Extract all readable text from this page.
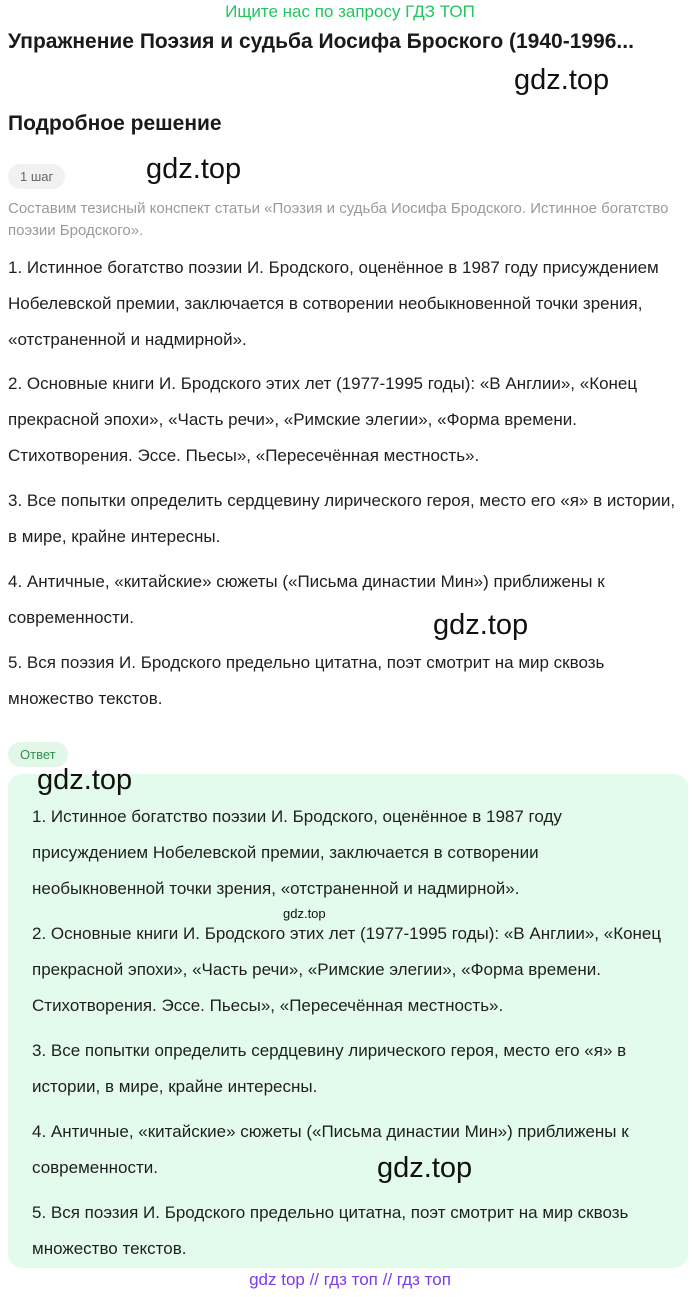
Ищите нас по запросу ГДЗ ТОП
Упражнение Поэзия и судьба Иосифа Броского (1940-1996...
gdz.top
Подробное решение
1 шаг	gdz.top
Составим тезисный конспект статьи «Поэзия и судьба Иосифа Бродского. Истинное богатство поэзии Бродского».
1. Истинное богатство поэзии И. Бродского, оценённое в 1987 году присуждением Нобелевской премии, заключается в сотворении необыкновенной точки зрения, «отстраненной и надмирной».
2. Основные книги И. Бродского этих лет (1977-1995 годы): «В Англии», «Конец прекрасной эпохи», «Часть речи», «Римские элегии», «Форма времени. Стихотворения. Эссе. Пьесы», «Пересечённая местность».
3. Все попытки определить сердцевину лирического героя, место его «я» в истории, в мире, крайне интересны.
4. Античные, «китайские» сюжеты («Письма династии Мин») приближены к современности.	gdz.top
5. Вся поэзия И. Бродского предельно цитатна, поэт смотрит на мир сквозь множество текстов.
Ответ
gdz.top
1. Истинное богатство поэзии И. Бродского, оценённое в 1987 году присуждением Нобелевской премии, заключается в сотворении необыкновенной точки зрения, «отстраненной и надмирной».
gdz.top
2. Основные книги И. Бродского этих лет (1977-1995 годы): «В Англии», «Конец прекрасной эпохи», «Часть речи», «Римские элегии», «Форма времени. Стихотворения. Эссе. Пьесы», «Пересечённая местность».
3. Все попытки определить сердцевину лирического героя, место его «я» в истории, в мире, крайне интересны.
4. Античные, «китайские» сюжеты («Письма династии Мин») приближены к современности.	gdz.top
5. Вся поэзия И. Бродского предельно цитатна, поэт смотрит на мир сквозь множество текстов.
gdz top // гдз топ // гдз топ
